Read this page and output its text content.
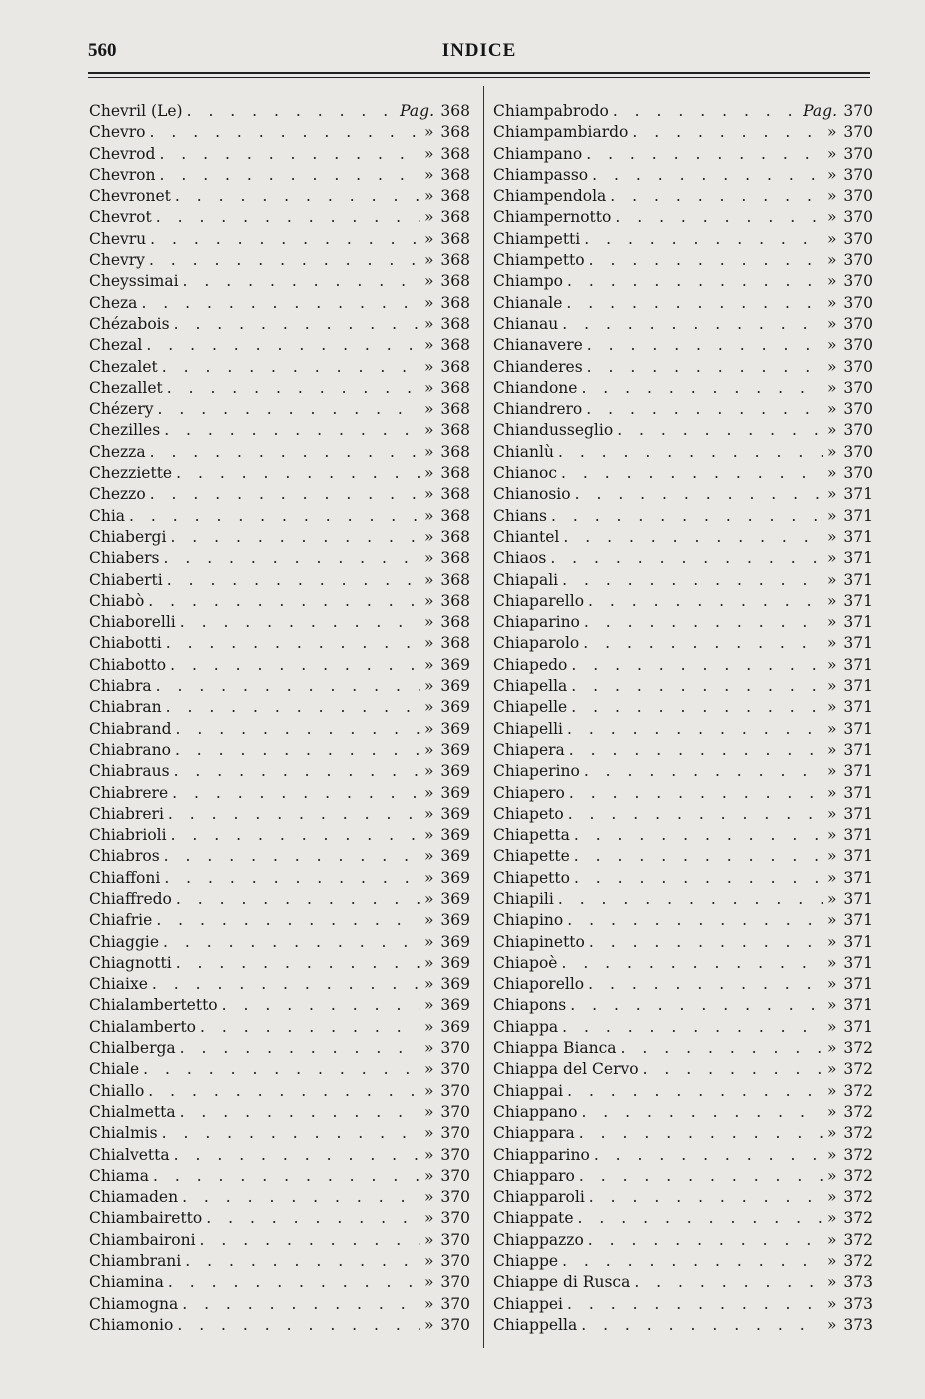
560	INDICE
Chevril (Le) . . .	Pag. 368
Chevro . . .	» 368
Chevrod . . .	» 368
Chevron . . .	» 368
Chevronet . . .	» 368
Chevrot . . .	» 368
Chevru . . .	» 368
Chevry . . .	» 368
Cheyssimai . . .	» 368
Cheza . . .	» 368
Chézabois . . .	» 368
Chezal . . .	» 368
Chezalet . . .	» 368
Chezallet . . .	» 368
Chézery . . .	» 368
Chezilles . . .	» 368
Chezza . . .	» 368
Chezziette . . .	» 368
Chezzo . . .	» 368
Chia . . .	» 368
Chiabergi . . .	» 368
Chiabers . . .	» 368
Chiaberti . . .	» 368
Chiabò . . .	» 368
Chiaborelli . . .	» 368
Chiabotti . . .	» 368
Chiabotto . . .	» 369
Chiabra . . .	» 369
Chiabran . . .	» 369
Chiabrand . . .	» 369
Chiabrano . . .	» 369
Chiabraus . . .	» 369
Chiabrere . . .	» 369
Chiabreri . . .	» 369
Chiabrioli . . .	» 369
Chiabros . . .	» 369
Chiaffoni . . .	» 369
Chiaffredo . . .	» 369
Chiafrie . . .	» 369
Chiaggie . . .	» 369
Chiagnotti . . .	» 369
Chiaixe . . .	» 369
Chialambertetto . . .	» 369
Chialamberto . . .	» 369
Chialberga . . .	» 370
Chiale . . .	» 370
Chiallo . . .	» 370
Chialmetta . . .	» 370
Chialmis . . .	» 370
Chialvetta . . .	» 370
Chiama . . .	» 370
Chiamaden . . .	» 370
Chiambairetto . . .	» 370
Chiambaironi . . .	» 370
Chiambrani . . .	» 370
Chiamina . . .	» 370
Chiamogna . . .	» 370
Chiamonio . . .	» 370
Chiampabrodo . . .	Pag. 370
Chiampambiardo . . .	» 370
Chiampano . . .	» 370
Chiampasso . . .	» 370
Chiampendola . . .	» 370
Chiampernotto . . .	» 370
Chiampetti . . .	» 370
Chiampetto . . .	» 370
Chiampo . . .	» 370
Chianale . . .	» 370
Chianau . . .	» 370
Chianavere . . .	» 370
Chianderes . . .	» 370
Chiandone . . .	» 370
Chiandrero . . .	» 370
Chiandusseglio . . .	» 370
Chianlù . . .	» 370
Chianoc . . .	» 370
Chianosio . . .	» 371
Chians . . .	» 371
Chiantel . . .	» 371
Chiaos . . .	» 371
Chiapali . . .	» 371
Chiaparello . . .	» 371
Chiaparino . . .	» 371
Chiaparolo . . .	» 371
Chiapedo . . .	» 371
Chiapella . . .	» 371
Chiapelle . . .	» 371
Chiapelli . . .	» 371
Chiapera . . .	» 371
Chiaperino . . .	» 371
Chiapero . . .	» 371
Chiapeto . . .	» 371
Chiapetta . . .	» 371
Chiapette . . .	» 371
Chiapetto . . .	» 371
Chiapili . . .	» 371
Chiapino . . .	» 371
Chiapinetto . . .	» 371
Chiapoè . . .	» 371
Chiaporello . . .	» 371
Chiapons . . .	» 371
Chiappa . . .	» 371
Chiappa Bianca . . .	» 372
Chiappa del Cervo . . .	» 372
Chiappai . . .	» 372
Chiappano . . .	» 372
Chiappara . . .	» 372
Chiapparino . . .	» 372
Chiapparo . . .	» 372
Chiapparoli . . .	» 372
Chiappate . . .	» 372
Chiappazzo . . .	» 372
Chiappe . . .	» 372
Chiappe di Rusca . . .	» 373
Chiappei . . .	» 373
Chiappella . . .	» 373
